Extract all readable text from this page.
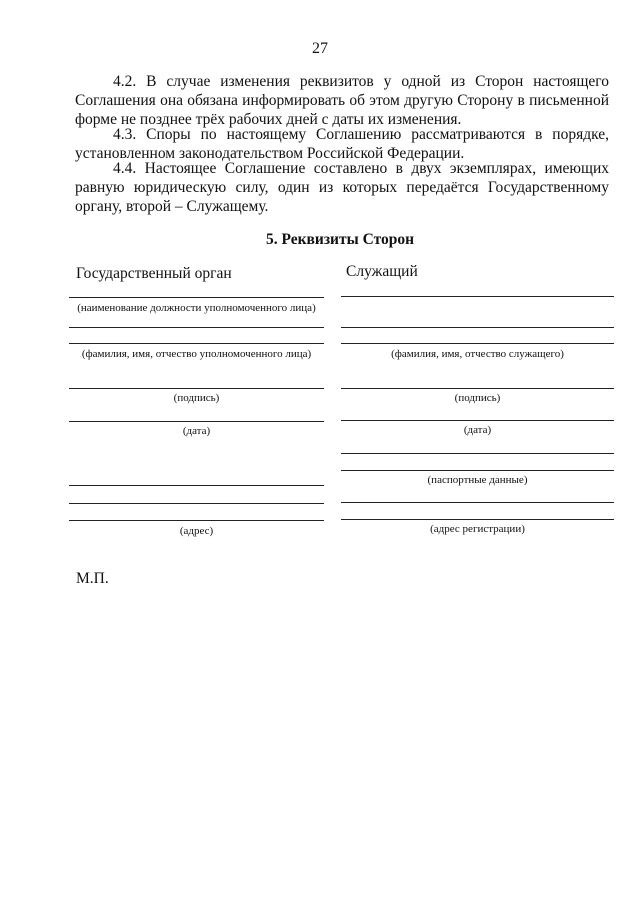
27

4.2. В случае изменения реквизитов у одной из Сторон настоящего Соглашения она обязана информировать об этом другую Сторону в письменной форме не позднее трёх рабочих дней с даты их изменения.

4.3. Споры по настоящему Соглашению рассматриваются в порядке, установленном законодательством Российской Федерации.

4.4. Настоящее Соглашение составлено в двух экземплярах, имеющих равную юридическую силу, один из которых передаётся Государственному органу, второй – Служащему.

5. Реквизиты Сторон
Государственный орган
(наименование должности уполномоченного лица)
(фамилия, имя, отчество уполномоченного лица)
(подпись)
(дата)
(адрес)
Служащий
(фамилия, имя, отчество служащего)
(подпись)
(дата)
(паспортные данные)
(адрес регистрации)
М.П.
